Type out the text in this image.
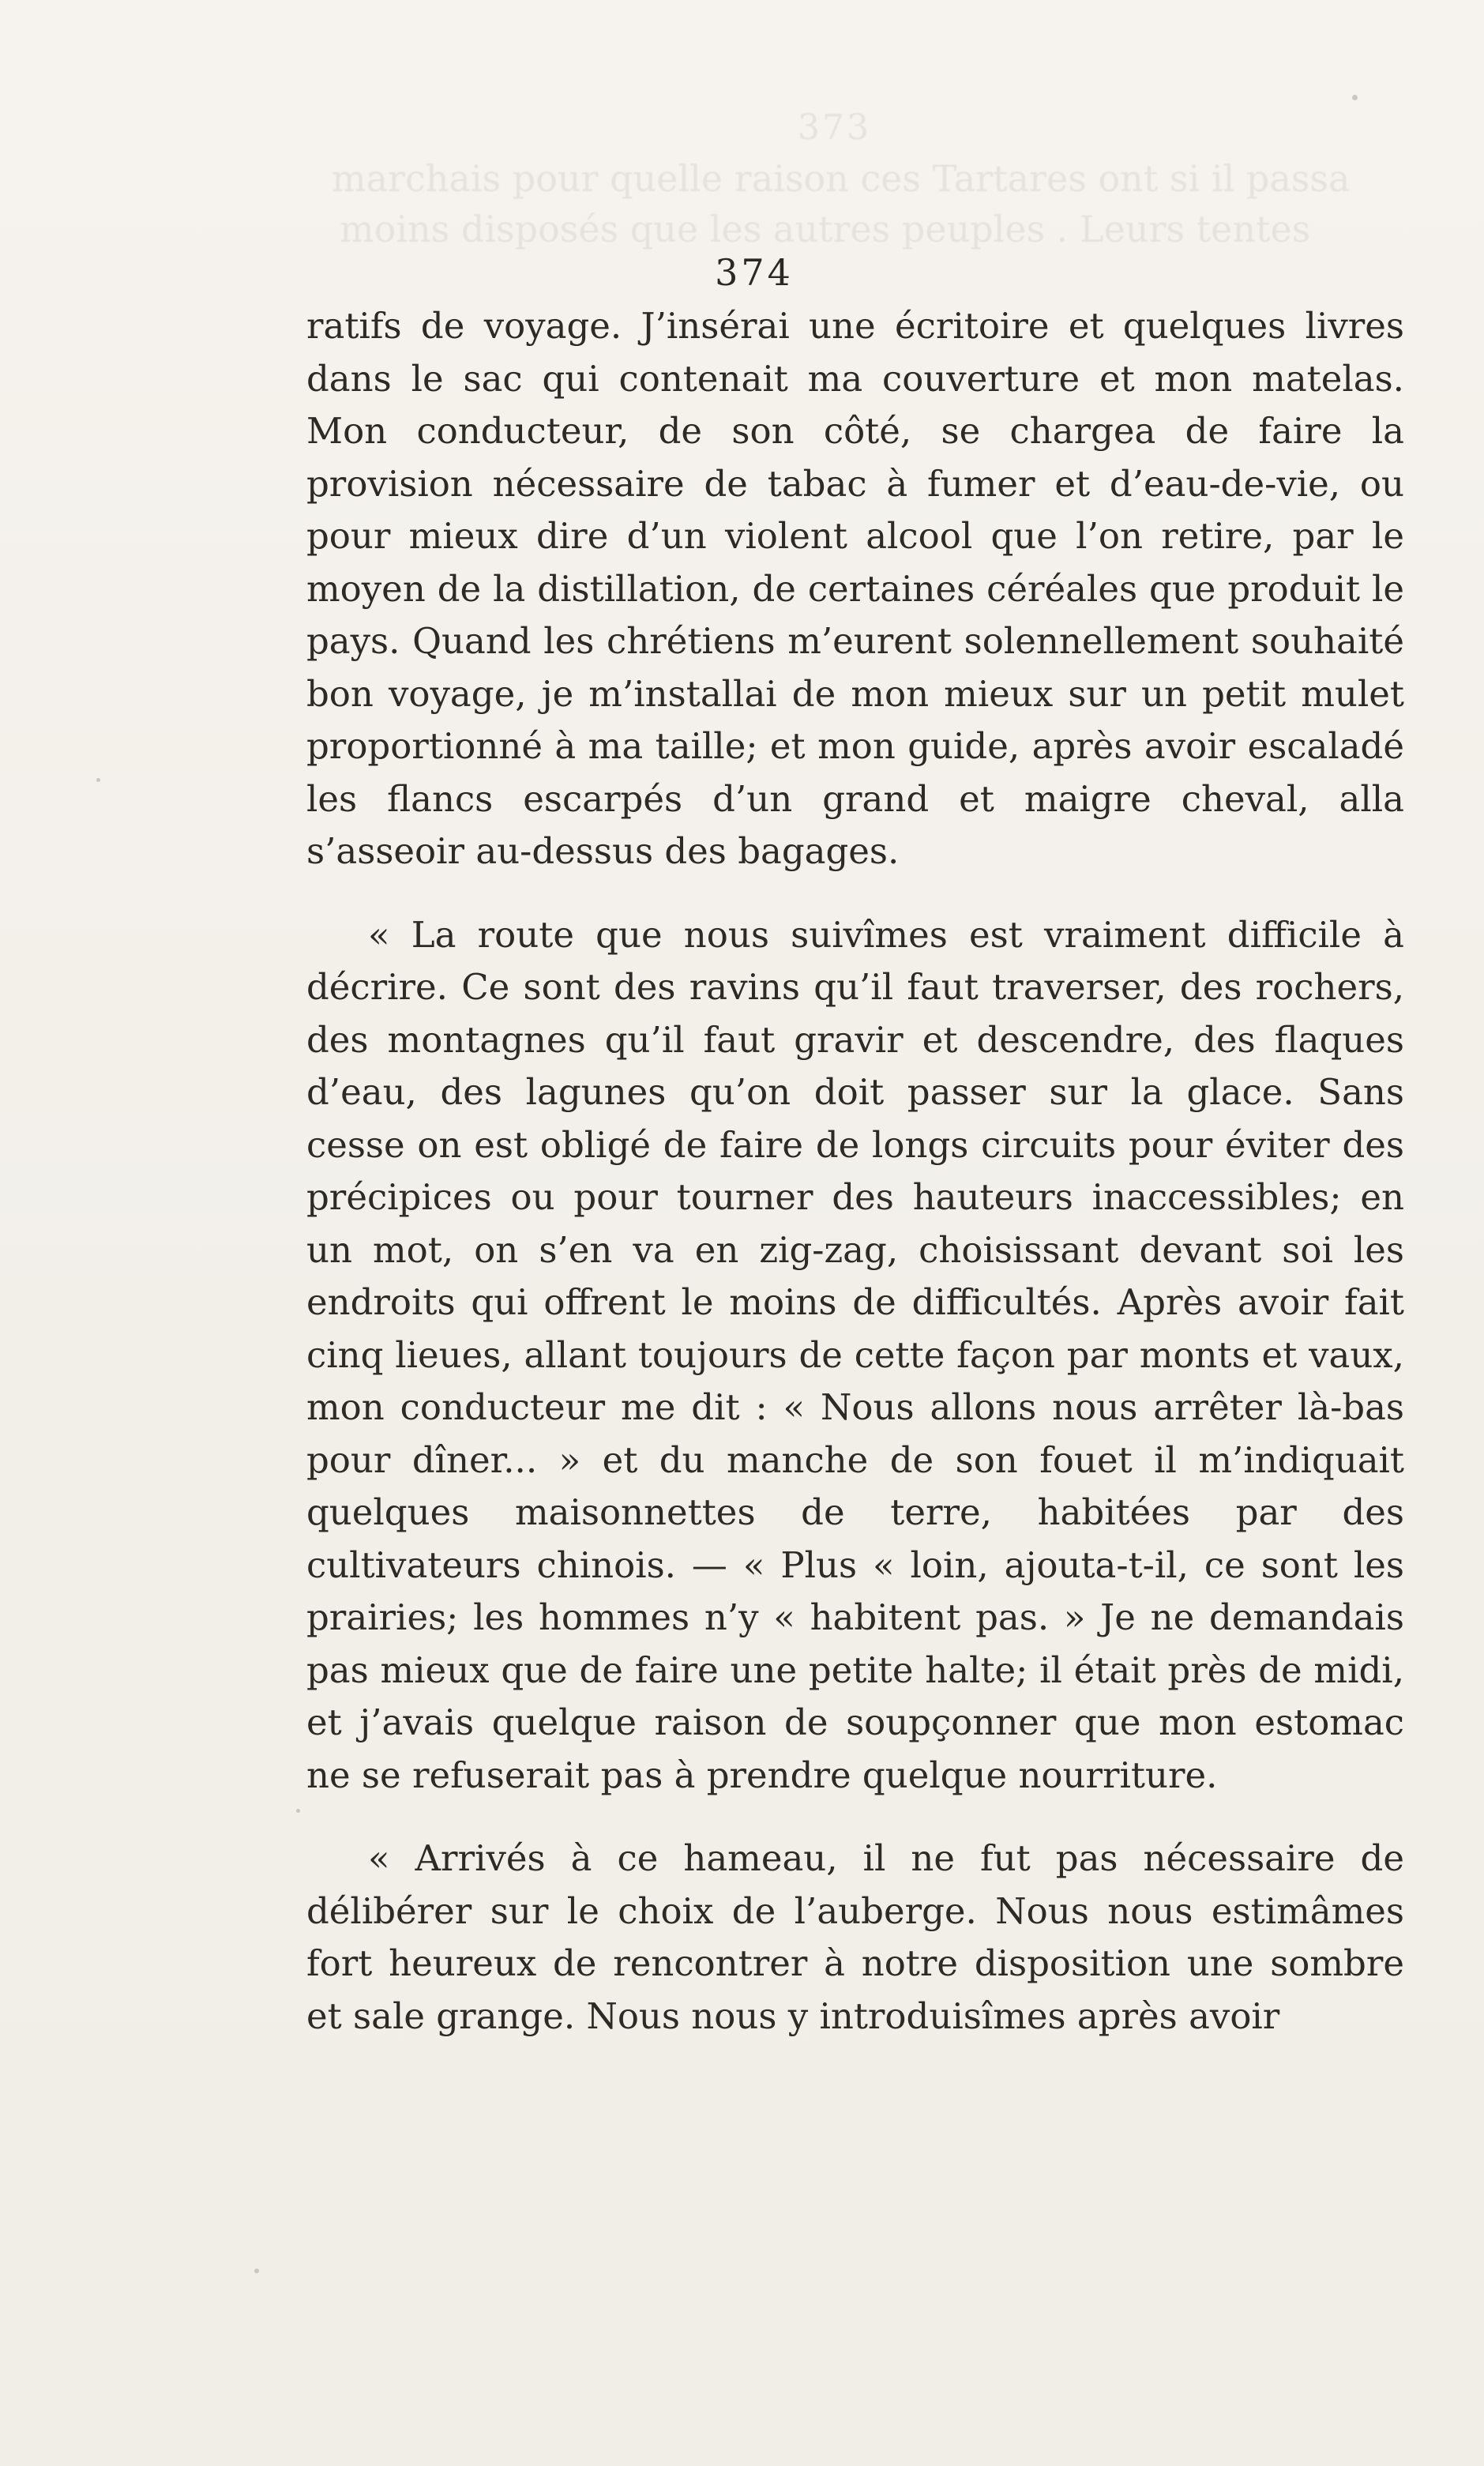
373
marchais pour quelle raison ces Tartares ont si il passa
moins disposés que les autres peuples . Leurs tentes
374

ratifs de voyage. J’insérai une écritoire et quelques livres dans le sac qui contenait ma couverture et mon matelas. Mon conducteur, de son côté, se chargea de faire la provision nécessaire de tabac à fumer et d’eau-de-vie, ou pour mieux dire d’un violent alcool que l’on retire, par le moyen de la distillation, de certaines céréales que produit le pays. Quand les chrétiens m’eurent solennellement souhaité bon voyage, je m’installai de mon mieux sur un petit mulet proportionné à ma taille; et mon guide, après avoir escaladé les flancs escarpés d’un grand et maigre cheval, alla s’asseoir au-dessus des bagages.

« La route que nous suivîmes est vraiment difficile à décrire. Ce sont des ravins qu’il faut traverser, des rochers, des montagnes qu’il faut gravir et descendre, des flaques d’eau, des lagunes qu’on doit passer sur la glace. Sans cesse on est obligé de faire de longs circuits pour éviter des précipices ou pour tourner des hauteurs inaccessibles; en un mot, on s’en va en zig-zag, choisissant devant soi les endroits qui offrent le moins de difficultés. Après avoir fait cinq lieues, allant toujours de cette façon par monts et vaux, mon conducteur me dit : « Nous allons nous arrêter là-bas pour dîner... » et du manche de son fouet il m’indiquait quelques maisonnettes de terre, habitées par des cultivateurs chinois. — « Plus « loin, ajouta-t-il, ce sont les prairies; les hommes n’y « habitent pas. » Je ne demandais pas mieux que de faire une petite halte; il était près de midi, et j’avais quelque raison de soupçonner que mon estomac ne se refuserait pas à prendre quelque nourriture.

« Arrivés à ce hameau, il ne fut pas nécessaire de délibérer sur le choix de l’auberge. Nous nous estimâmes fort heureux de rencontrer à notre disposition une sombre et sale grange. Nous nous y introduisîmes après avoir
